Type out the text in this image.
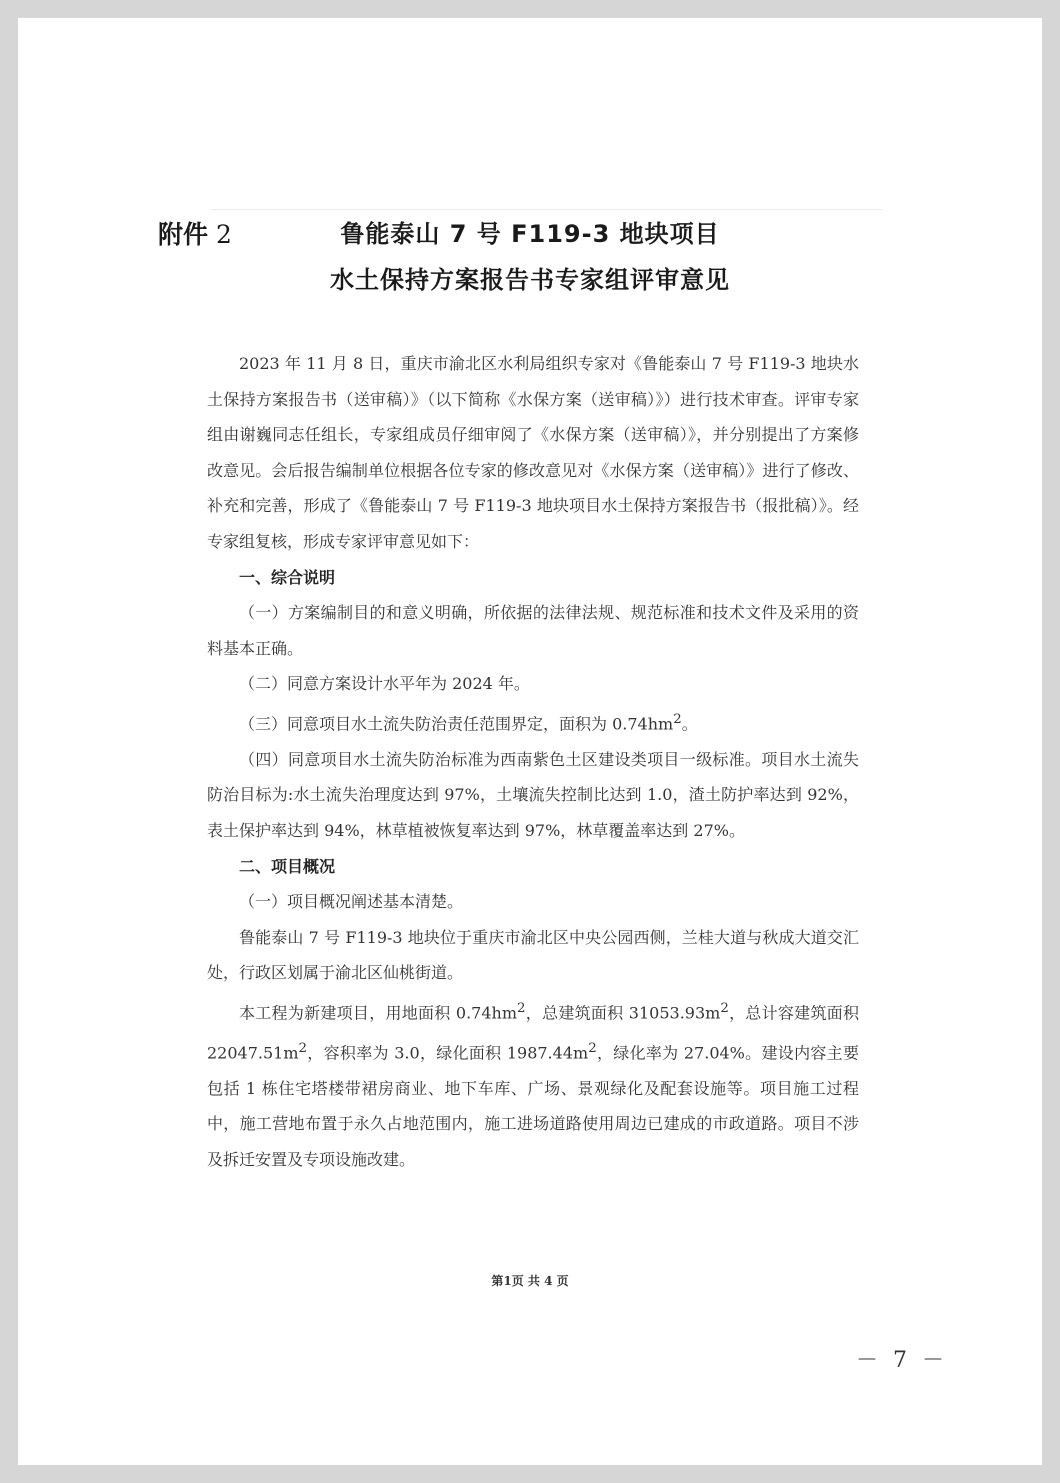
附件 2	鲁能泰山 7 号 F119-3 地块项目
水土保持方案报告书专家组评审意见

2023 年 11 月 8 日，重庆市渝北区水利局组织专家对《鲁能泰山 7 号 F119-3 地块水土保持方案报告书（送审稿）》（以下简称《水保方案（送审稿）》）进行技术审查。评审专家组由谢巍同志任组长，专家组成员仔细审阅了《水保方案（送审稿）》，并分别提出了方案修改意见。会后报告编制单位根据各位专家的修改意见对《水保方案（送审稿）》进行了修改、补充和完善，形成了《鲁能泰山 7 号 F119-3 地块项目水土保持方案报告书（报批稿）》。经专家组复核，形成专家评审意见如下：

一、综合说明

（一）方案编制目的和意义明确，所依据的法律法规、规范标准和技术文件及采用的资料基本正确。

（二）同意方案设计水平年为 2024 年。

（三）同意项目水土流失防治责任范围界定，面积为 $0.74hm^2$。

（四）同意项目水土流失防治标准为西南紫色土区建设类项目一级标准。项目水土流失防治目标为:水土流失治理度达到 97%，土壤流失控制比达到 1.0，渣土防护率达到 92%，表土保护率达到 94%，林草植被恢复率达到 97%，林草覆盖率达到 27%。

二、项目概况

（一）项目概况阐述基本清楚。

鲁能泰山 7 号 F119-3 地块位于重庆市渝北区中央公园西侧，兰桂大道与秋成大道交汇处，行政区划属于渝北区仙桃街道。

本工程为新建项目，用地面积 $0.74hm^2$，总建筑面积 $31053.93m^2$，总计容建筑面积 $22047.51m^2$，容积率为 3.0，绿化面积 $1987.44m^2$，绿化率为 27.04%。建设内容主要包括 1 栋住宅塔楼带裙房商业、地下车库、广场、景观绿化及配套设施等。项目施工过程中，施工营地布置于永久占地范围内，施工进场道路使用周边已建成的市政道路。项目不涉及拆迁安置及专项设施改建。

第1页 共 4 页
－ 7 －
